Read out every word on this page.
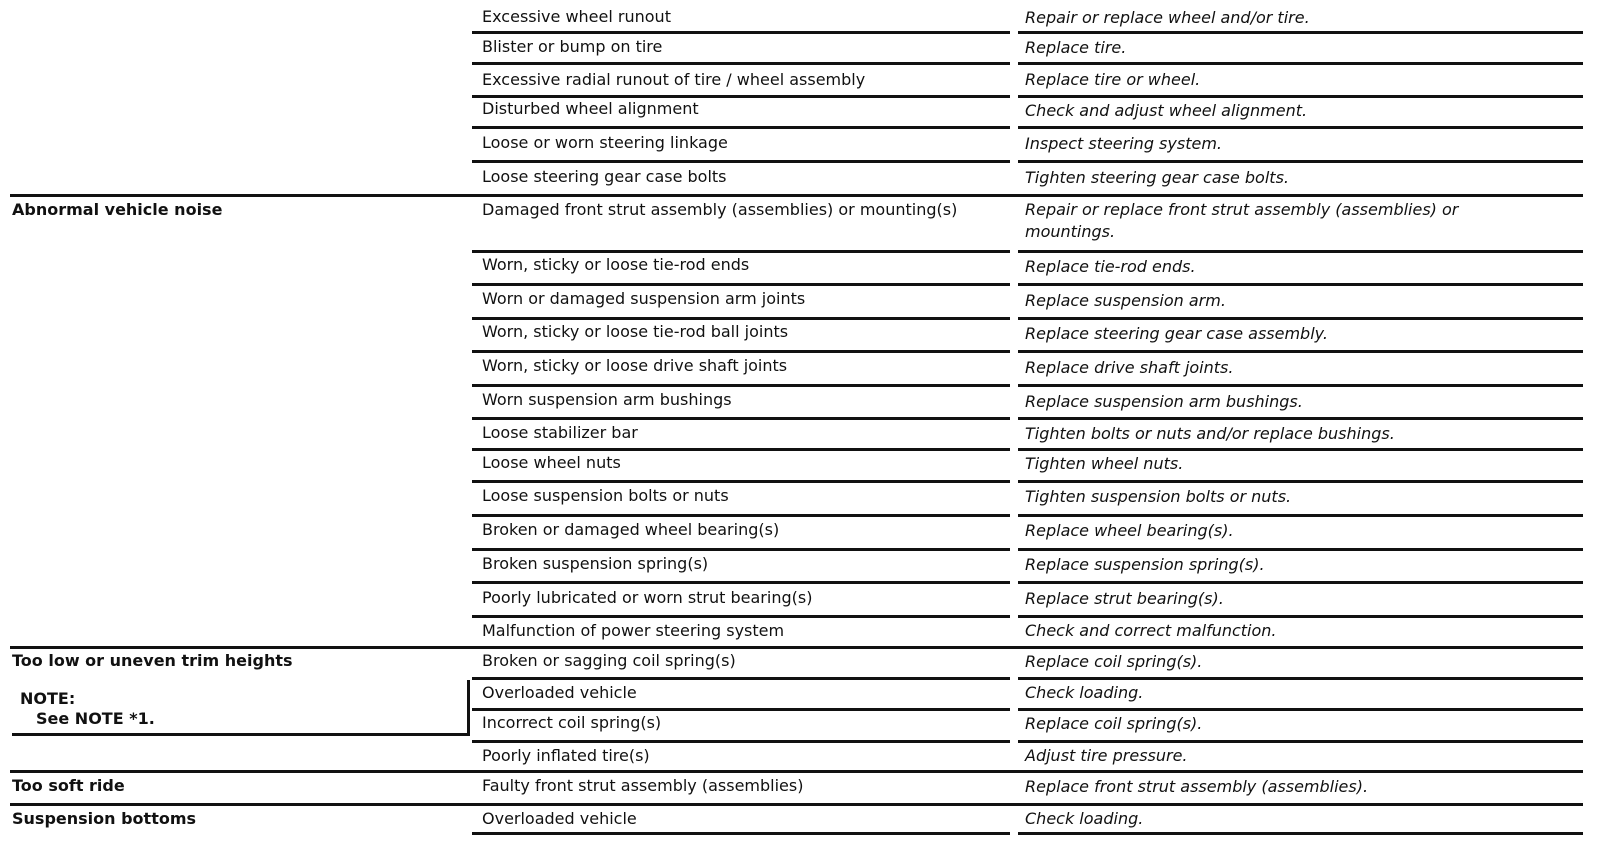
Excessive wheel runout	Repair or replace wheel and/or tire.
Blister or bump on tire	Replace tire.
Excessive radial runout of tire / wheel assembly	Replace tire or wheel.
Disturbed wheel alignment	Check and adjust wheel alignment.
Loose or worn steering linkage	Inspect steering system.
Loose steering gear case bolts	Tighten steering gear case bolts.
Abnormal vehicle noise	Damaged front strut assembly (assemblies) or mounting(s)	Repair or replace front strut assembly (assemblies) or mountings.
Worn, sticky or loose tie-rod ends	Replace tie-rod ends.
Worn or damaged suspension arm joints	Replace suspension arm.
Worn, sticky or loose tie-rod ball joints	Replace steering gear case assembly.
Worn, sticky or loose drive shaft joints	Replace drive shaft joints.
Worn suspension arm bushings	Replace suspension arm bushings.
Loose stabilizer bar	Tighten bolts or nuts and/or replace bushings.
Loose wheel nuts	Tighten wheel nuts.
Loose suspension bolts or nuts	Tighten suspension bolts or nuts.
Broken or damaged wheel bearing(s)	Replace wheel bearing(s).
Broken suspension spring(s)	Replace suspension spring(s).
Poorly lubricated or worn strut bearing(s)	Replace strut bearing(s).
Malfunction of power steering system	Check and correct malfunction.
Too low or uneven trim heights	Broken or sagging coil spring(s)	Replace coil spring(s).
NOTE:
See NOTE *1.
Overloaded vehicle	Check loading.
Incorrect coil spring(s)	Replace coil spring(s).
Poorly inflated tire(s)	Adjust tire pressure.
Too soft ride	Faulty front strut assembly (assemblies)	Replace front strut assembly (assemblies).
Suspension bottoms	Overloaded vehicle	Check loading.
